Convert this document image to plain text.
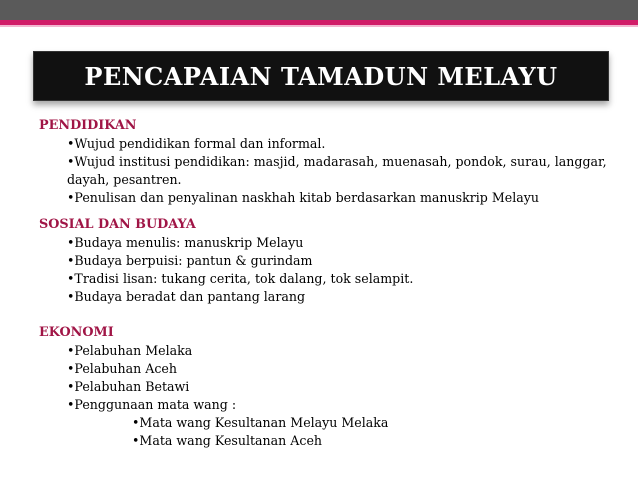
PENCAPAIAN TAMADUN MELAYU
PENDIDIKAN
•Wujud pendidikan formal dan informal.
•Wujud institusi pendidikan: masjid, madarasah, muenasah, pondok, surau, langgar,
dayah, pesantren.
•Penulisan dan penyalinan naskhah kitab berdasarkan manuskrip Melayu
SOSIAL DAN BUDAYA
•Budaya menulis: manuskrip Melayu
•Budaya berpuisi: pantun & gurindam
•Tradisi lisan: tukang cerita, tok dalang, tok selampit.
•Budaya beradat dan pantang larang
EKONOMI
•Pelabuhan Melaka
•Pelabuhan Aceh
•Pelabuhan Betawi
•Penggunaan mata wang :
•Mata wang Kesultanan Melayu Melaka
•Mata wang Kesultanan Aceh
